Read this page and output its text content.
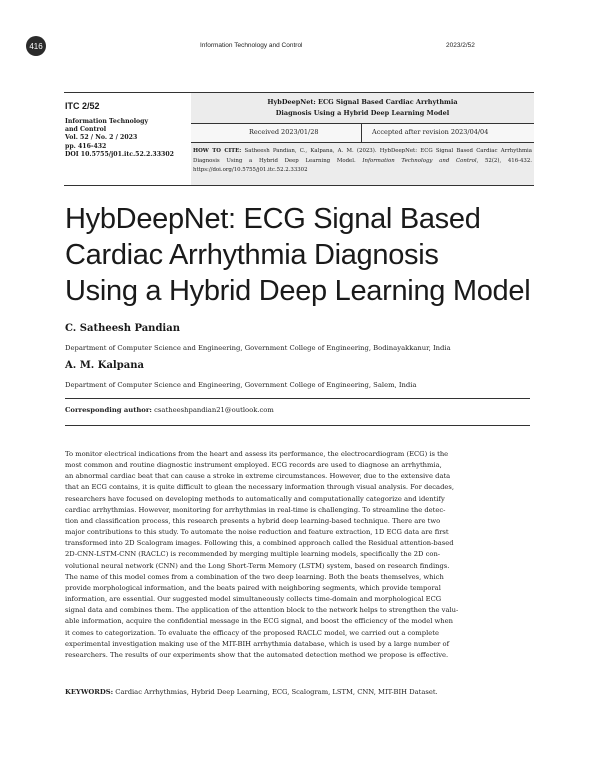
416	Information Technology and Control	2023/2/52
ITC 2/52
Information Technology
and Control
Vol. 52 / No. 2 / 2023
pp. 416-432
DOI 10.5755/j01.itc.52.2.33302
HybDeepNet: ECG Signal Based Cardiac Arrhythmia
Diagnosis Using a Hybrid Deep Learning Model
Received 2023/01/28	Accepted after revision 2023/04/04
HOW TO CITE: Satheesh Pandian, C., Kalpana, A. M. (2023). HybDeepNet: ECG Signal Based Cardiac Arrhythmia Diagnosis Using a Hybrid Deep Learning Model. Information Technology and Control, 52(2), 416-432. https://doi.org/10.5755/j01.itc.52.2.33302
HybDeepNet: ECG Signal Based
Cardiac Arrhythmia Diagnosis
Using a Hybrid Deep Learning Model
C. Satheesh Pandian
Department of Computer Science and Engineering, Government College of Engineering, Bodinayakkanur, India
A. M. Kalpana
Department of Computer Science and Engineering, Government College of Engineering, Salem, India
Corresponding author: csatheeshpandian21@outlook.com
To monitor electrical indications from the heart and assess its performance, the electrocardiogram (ECG) is the
most common and routine diagnostic instrument employed. ECG records are used to diagnose an arrhythmia,
an abnormal cardiac beat that can cause a stroke in extreme circumstances. However, due to the extensive data
that an ECG contains, it is quite difficult to glean the necessary information through visual analysis. For decades,
researchers have focused on developing methods to automatically and computationally categorize and identify
cardiac arrhythmias. However, monitoring for arrhythmias in real-time is challenging. To streamline the detec-
tion and classification process, this research presents a hybrid deep learning-based technique. There are two
major contributions to this study. To automate the noise reduction and feature extraction, 1D ECG data are first
transformed into 2D Scalogram images. Following this, a combined approach called the Residual attention-based
2D-CNN-LSTM-CNN (RACLC) is recommended by merging multiple learning models, specifically the 2D con-
volutional neural network (CNN) and the Long Short-Term Memory (LSTM) system, based on research findings.
The name of this model comes from a combination of the two deep learning. Both the beats themselves, which
provide morphological information, and the beats paired with neighboring segments, which provide temporal
information, are essential. Our suggested model simultaneously collects time-domain and morphological ECG
signal data and combines them. The application of the attention block to the network helps to strengthen the valu-
able information, acquire the confidential message in the ECG signal, and boost the efficiency of the model when
it comes to categorization. To evaluate the efficacy of the proposed RACLC model, we carried out a complete
experimental investigation making use of the MIT-BIH arrhythmia database, which is used by a large number of
researchers. The results of our experiments show that the automated detection method we propose is effective.
KEYWORDS: Cardiac Arrhythmias, Hybrid Deep Learning, ECG, Scalogram, LSTM, CNN, MIT-BIH Dataset.
